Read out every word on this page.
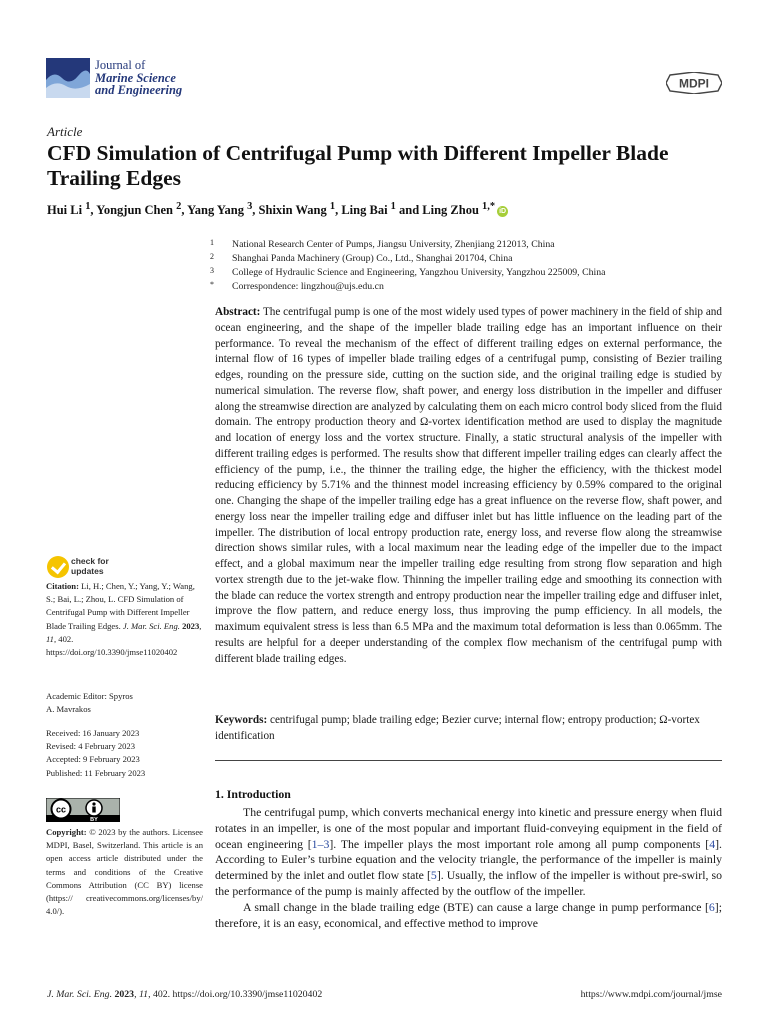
Journal of
Marine Science
and Engineering	MDPI
Article
CFD Simulation of Centrifugal Pump with Different Impeller Blade Trailing Edges
Hui Li $^1$, Yongjun Chen $^2$, Yang Yang $^3$, Shixin Wang $^1$, Ling Bai $^1$ and Ling Zhou $^{1,*}$ iD
1	National Research Center of Pumps, Jiangsu University, Zhenjiang 212013, China
2	Shanghai Panda Machinery (Group) Co., Ltd., Shanghai 201704, China
3	College of Hydraulic Science and Engineering, Yangzhou University, Yangzhou 225009, China
*	Correspondence: lingzhou@ujs.edu.cn
Abstract: The centrifugal pump is one of the most widely used types of power machinery in the field of ship and ocean engineering, and the shape of the impeller blade trailing edge has an important influence on their performance. To reveal the mechanism of the effect of different trailing edges on external performance, the internal flow of 16 types of impeller blade trailing edges of a centrifugal pump, consisting of Bezier trailing edges, rounding on the pressure side, cutting on the suction side, and the original trailing edge is studied by numerical simulation. The reverse flow, shaft power, and energy loss distribution in the impeller and diffuser along the streamwise direction are analyzed by calculating them on each micro control body sliced from the fluid domain. The entropy production theory and Ω-vortex identification method are used to display the magnitude and location of energy loss and the vortex structure. Finally, a static structural analysis of the impeller with different trailing edges is performed. The results show that different impeller trailing edges can clearly affect the efficiency of the pump, i.e., the thinner the trailing edge, the higher the efficiency, with the thickest model reducing efficiency by 5.71% and the thinnest model increasing efficiency by 0.59% compared to the original one. Changing the shape of the impeller trailing edge has a great influence on the reverse flow, shaft power, and energy loss near the impeller trailing edge and diffuser inlet but has little influence on the leading part of the impeller. The distribution of local entropy production rate, energy loss, and reverse flow along the streamwise direction shows similar rules, with a local maximum near the leading edge of the impeller due to the impact effect, and a global maximum near the impeller trailing edge resulting from strong flow separation and high vortex strength due to the jet-wake flow. Thinning the impeller trailing edge and smoothing its connection with the blade can reduce the vortex strength and entropy production near the impeller trailing edge and diffuser inlet, improve the flow pattern, and reduce energy loss, thus improving the pump efficiency. In all models, the maximum equivalent stress is less than 6.5 MPa and the maximum total deformation is less than 0.065mm. The results are helpful for a deeper understanding of the complex flow mechanism of the centrifugal pump with different blade trailing edges.
Keywords: centrifugal pump; blade trailing edge; Bezier curve; internal flow; entropy production; Ω-vortex identification
1. Introduction

The centrifugal pump, which converts mechanical energy into kinetic and pressure energy when fluid rotates in an impeller, is one of the most popular and important fluid-conveying equipment in the field of ocean engineering [1–3]. The impeller plays the most important role among all pump components [4]. According to Euler’s turbine equation and the velocity triangle, the performance of the impeller is mainly determined by the inlet and outlet flow state [5]. Usually, the inflow of the impeller is without pre-swirl, so the performance of the pump is mainly affected by the outflow of the impeller.

A small change in the blade trailing edge (BTE) can cause a large change in pump performance [6]; therefore, it is an easy, economical, and effective method to improve

check for
updates
Citation: Li, H.; Chen, Y.; Yang, Y.; Wang, S.; Bai, L.; Zhou, L. CFD Simulation of Centrifugal Pump with Different Impeller Blade Trailing Edges. J. Mar. Sci. Eng. 2023, 11, 402. https://doi.org/10.3390/jmse11020402
Academic Editor: Spyros
A. Mavrakos
Received: 16 January 2023
Revised: 4 February 2023
Accepted: 9 February 2023
Published: 11 February 2023
cc
BY
Copyright: © 2023 by the authors. Licensee MDPI, Basel, Switzerland. This article is an open access article distributed under the terms and conditions of the Creative Commons Attribution (CC BY) license (https:// creativecommons.org/licenses/by/ 4.0/).
J. Mar. Sci. Eng. 2023, 11, 402. https://doi.org/10.3390/jmse11020402	https://www.mdpi.com/journal/jmse
